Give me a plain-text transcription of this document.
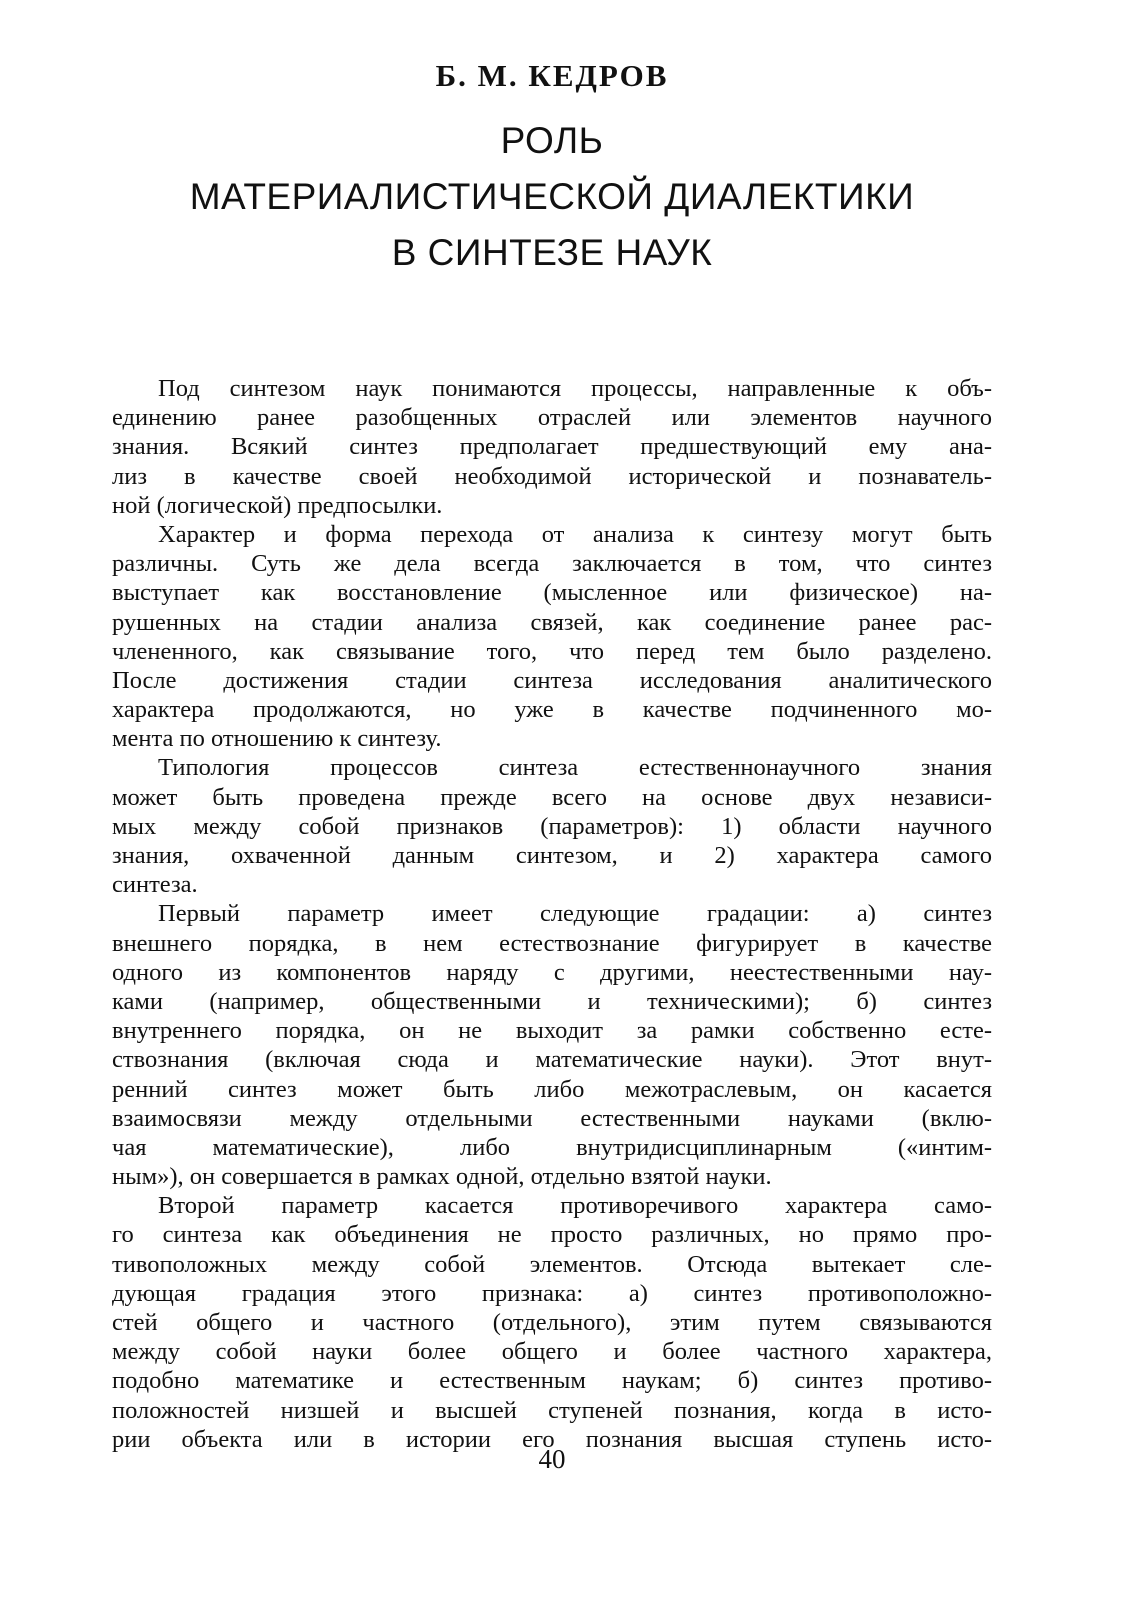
Б. М. КЕДРОВ
РОЛЬ
МАТЕРИАЛИСТИЧЕСКОЙ ДИАЛЕКТИКИ
В СИНТЕЗЕ НАУК
Под синтезом наук понимаются процессы, направленные к объ-
единению ранее разобщенных отраслей или элементов научного
знания. Всякий синтез предполагает предшествующий ему ана-
лиз в качестве своей необходимой исторической и познаватель-
ной (логической) предпосылки.
Характер и форма перехода от анализа к синтезу могут быть
различны. Суть же дела всегда заключается в том, что синтез
выступает как восстановление (мысленное или физическое) на-
рушенных на стадии анализа связей, как соединение ранее рас-
члененного, как связывание того, что перед тем было разделено.
После достижения стадии синтеза исследования аналитического
характера продолжаются, но уже в качестве подчиненного мо-
мента по отношению к синтезу.
Типология процессов синтеза естественнонаучного знания
может быть проведена прежде всего на основе двух независи-
мых между собой признаков (параметров): 1) области научного
знания, охваченной данным синтезом, и 2) характера самого
синтеза.
Первый параметр имеет следующие градации: а) синтез
внешнего порядка, в нем естествознание фигурирует в качестве
одного из компонентов наряду с другими, неестественными нау-
ками (например, общественными и техническими); б) синтез
внутреннего порядка, он не выходит за рамки собственно есте-
ствознания (включая сюда и математические науки). Этот внут-
ренний синтез может быть либо межотраслевым, он касается
взаимосвязи между отдельными естественными науками (вклю-
чая математические), либо внутридисциплинарным («интим-
ным»), он совершается в рамках одной, отдельно взятой науки.
Второй параметр касается противоречивого характера само-
го синтеза как объединения не просто различных, но прямо про-
тивоположных между собой элементов. Отсюда вытекает сле-
дующая градация этого признака: а) синтез противоположно-
стей общего и частного (отдельного), этим путем связываются
между собой науки более общего и более частного характера,
подобно математике и естественным наукам; б) синтез противо-
положностей низшей и высшей ступеней познания, когда в исто-
рии объекта или в истории его познания высшая ступень исто-
40
